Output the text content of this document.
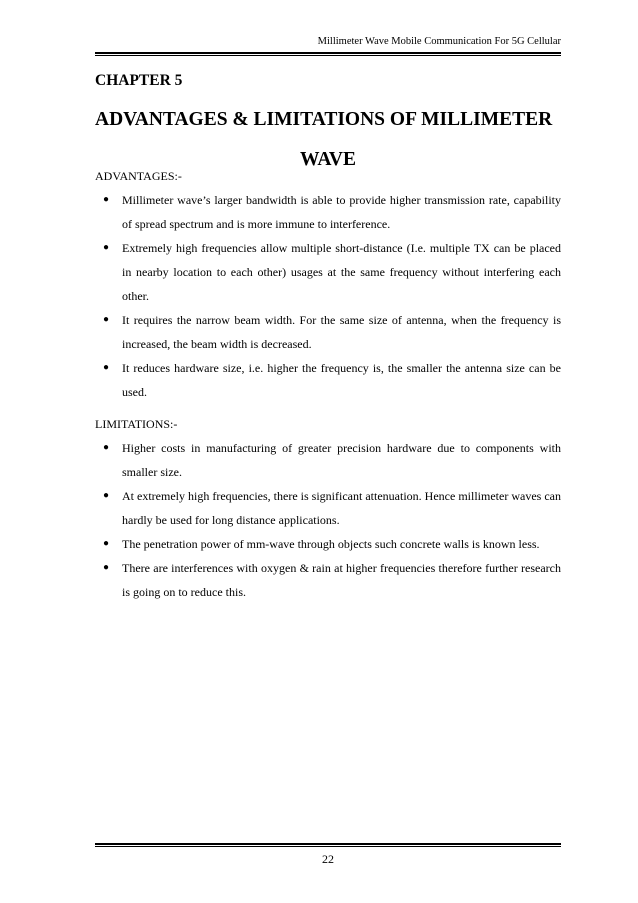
Millimeter Wave Mobile Communication For 5G Cellular
CHAPTER 5
ADVANTAGES & LIMITATIONS OF MILLIMETER
WAVE

ADVANTAGES:-

● Millimeter wave’s larger bandwidth is able to provide higher transmission rate, capability of spread spectrum and is more immune to interference.
● Extremely high frequencies allow multiple short-distance (I.e. multiple TX can be placed in nearby location to each other) usages at the same frequency without interfering each other.
● It requires the narrow beam width. For the same size of antenna, when the frequency is increased, the beam width is decreased.
● It reduces hardware size, i.e. higher the frequency is, the smaller the antenna size can be used.

LIMITATIONS:-

● Higher costs in manufacturing of greater precision hardware due to components with smaller size.
● At extremely high frequencies, there is significant attenuation. Hence millimeter waves can hardly be used for long distance applications.
● The penetration power of mm-wave through objects such concrete walls is known less.
● There are interferences with oxygen & rain at higher frequencies therefore further research is going on to reduce this.
22
